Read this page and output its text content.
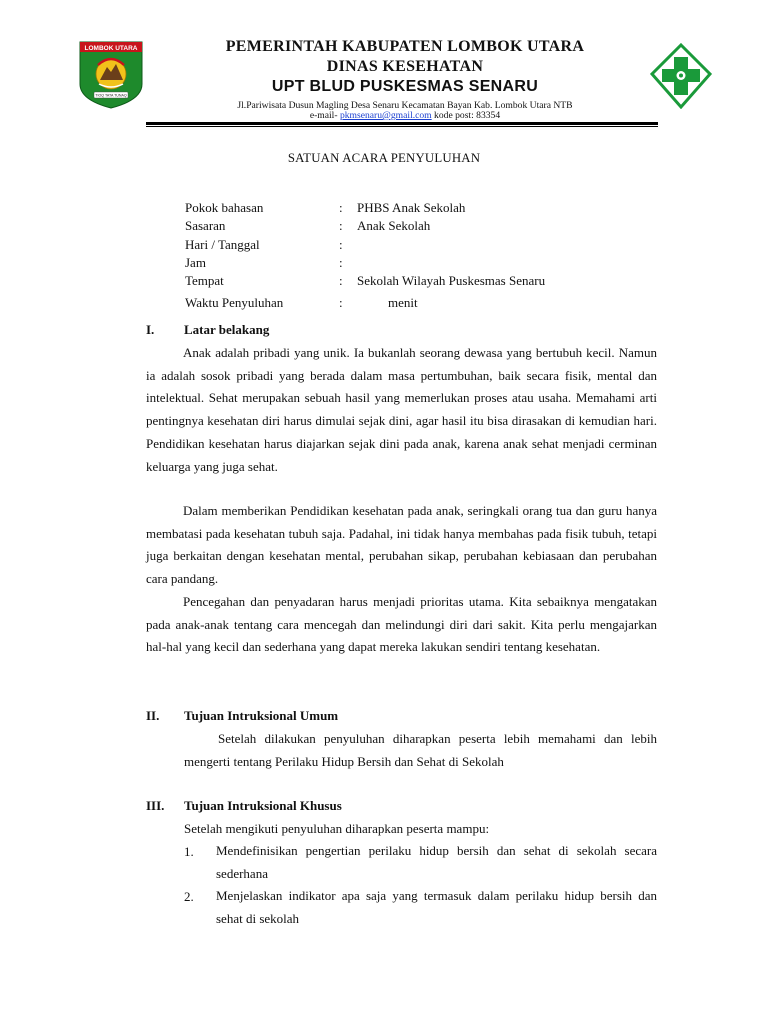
LOMBOK UTARA
TIOQ TATA TUNAQ
PEMERINTAH KABUPATEN LOMBOK UTARA
DINAS KESEHATAN
UPT BLUD PUSKESMAS SENARU
Jl.Pariwisata Dusun Magling Desa Senaru Kecamatan Bayan Kab. Lombok Utara NTB
e-mail- pkmsenaru@gmail.com kode post: 83354
SATUAN ACARA PENYULUHAN
Pokok bahasan	: PHBS Anak Sekolah
Sasaran	: Anak Sekolah
Hari / Tanggal	:
Jam	:
Tempat	: Sekolah Wilayah Puskesmas Senaru
Waktu Penyuluhan	:	menit
I. Latar belakang
Anak adalah pribadi yang unik. Ia bukanlah seorang dewasa yang bertubuh kecil. Namun ia adalah sosok pribadi yang berada dalam masa pertumbuhan, baik secara fisik, mental dan intelektual. Sehat merupakan sebuah hasil yang memerlukan proses atau usaha. Memahami arti pentingnya kesehatan diri harus dimulai sejak dini, agar hasil itu bisa dirasakan di kemudian hari. Pendidikan kesehatan harus diajarkan sejak dini pada anak, karena anak sehat menjadi cerminan keluarga yang juga sehat.
Dalam memberikan Pendidikan kesehatan pada anak, seringkali orang tua dan guru hanya membatasi pada kesehatan tubuh saja. Padahal, ini tidak hanya membahas pada fisik tubuh, tetapi juga berkaitan dengan kesehatan mental, perubahan sikap, perubahan kebiasaan dan perubahan cara pandang.
Pencegahan dan penyadaran harus menjadi prioritas utama. Kita sebaiknya mengatakan pada anak-anak tentang cara mencegah dan melindungi diri dari sakit. Kita perlu mengajarkan hal-hal yang kecil dan sederhana yang dapat mereka lakukan sendiri tentang kesehatan.
II. Tujuan Intruksional Umum
Setelah dilakukan penyuluhan diharapkan peserta lebih memahami dan lebih mengerti tentang Perilaku Hidup Bersih dan Sehat di Sekolah
III. Tujuan Intruksional Khusus
Setelah mengikuti penyuluhan diharapkan peserta mampu:
1. Mendefinisikan pengertian perilaku hidup bersih dan sehat di sekolah secara sederhana
2. Menjelaskan indikator apa saja yang termasuk dalam perilaku hidup bersih dan sehat di sekolah
